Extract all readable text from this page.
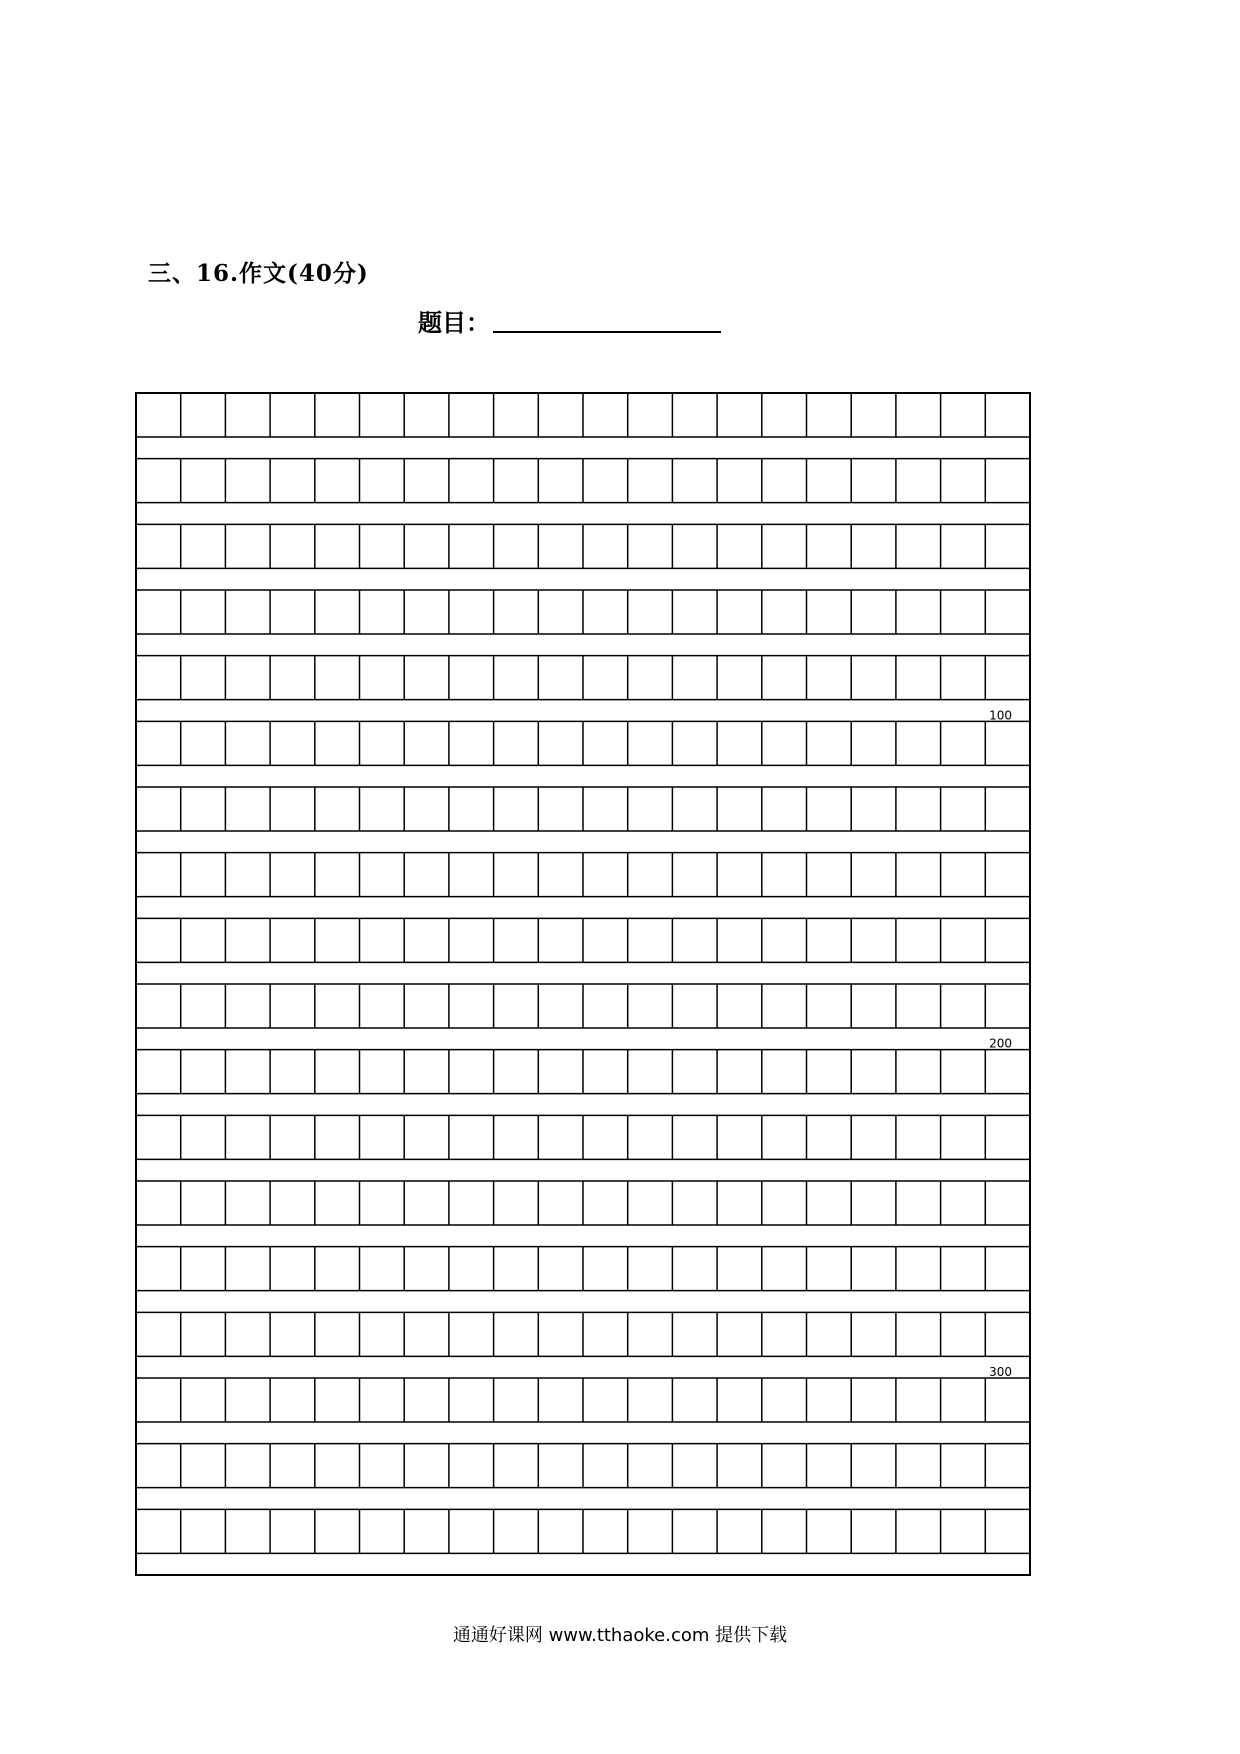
三、16.作文(40分)
题目：
100
200
300
通通好课网 www.tthaoke.com 提供下载
